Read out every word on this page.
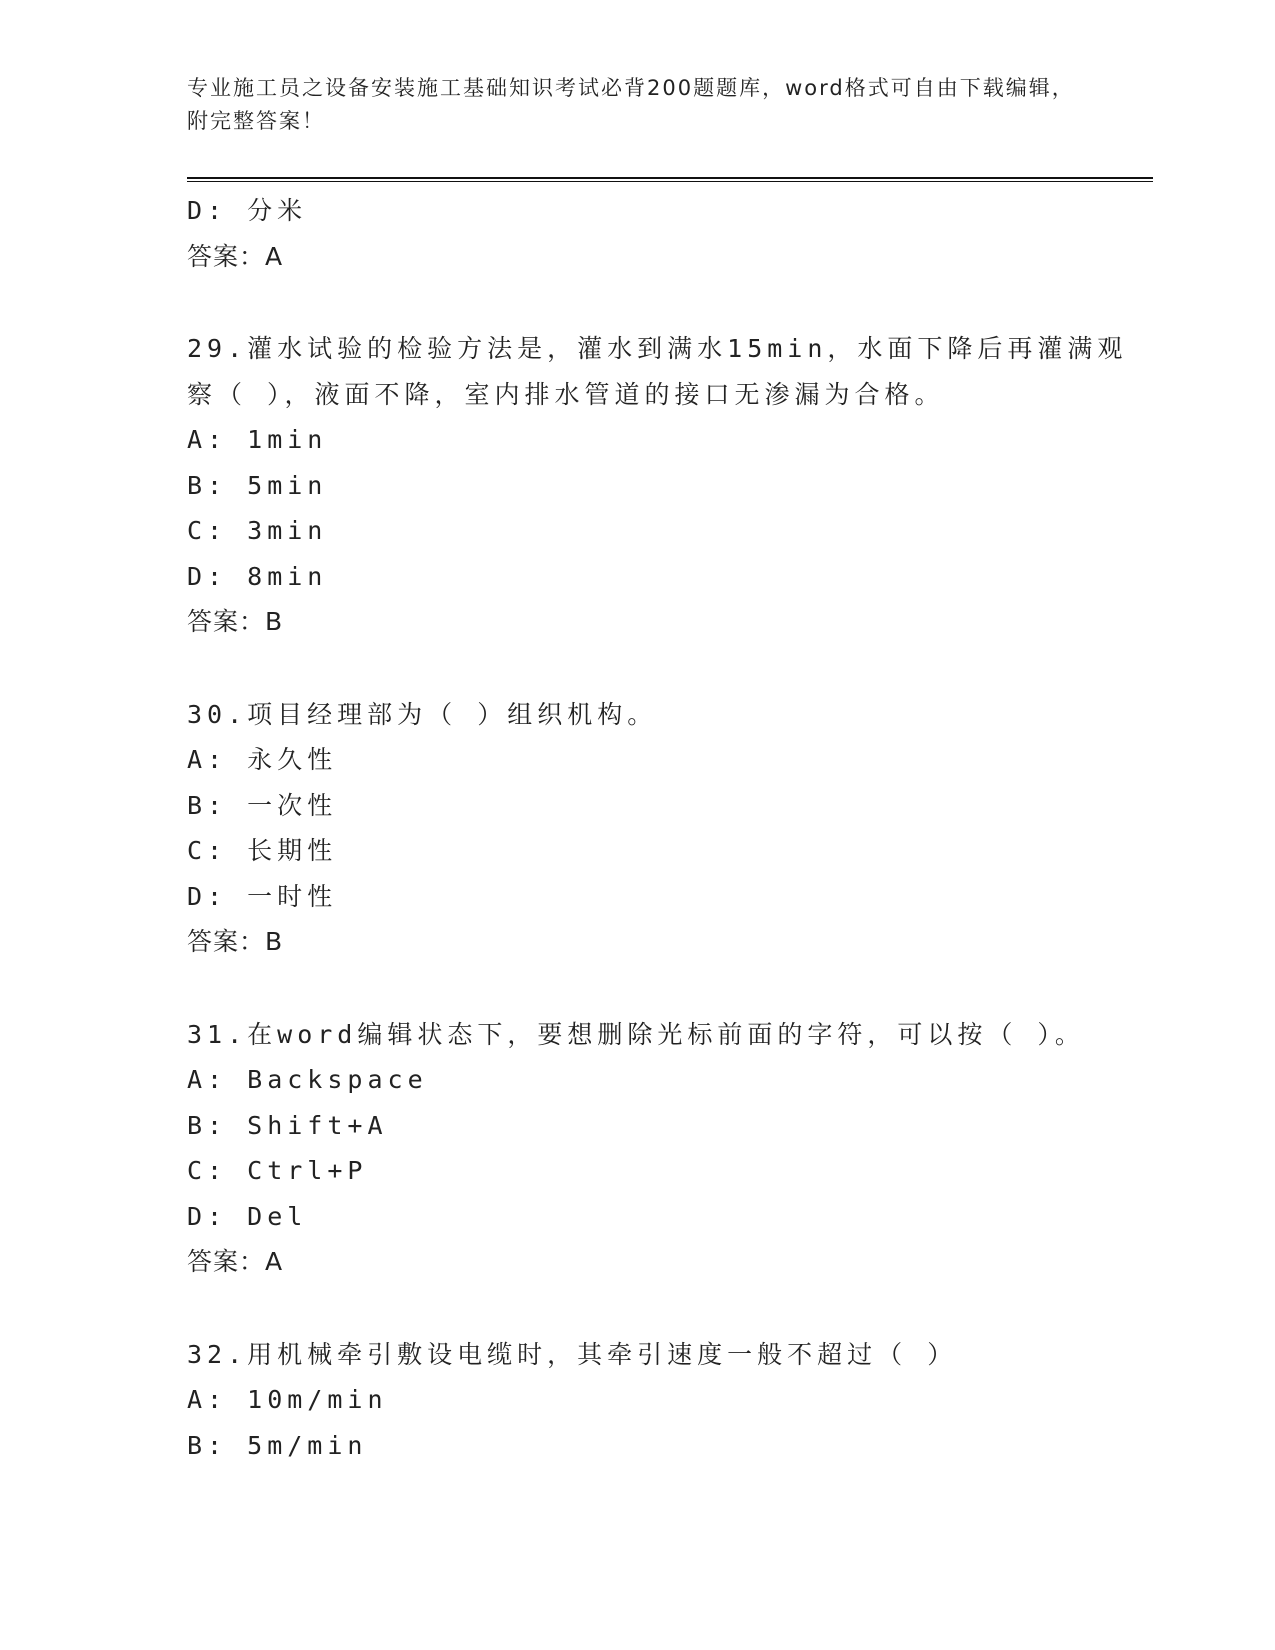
专业施工员之设备安装施工基础知识考试必背200题题库，word格式可自由下载编辑，附完整答案！
D: 分米
答案：A
29.灌水试验的检验方法是，灌水到满水15min，水面下降后再灌满观
察（ ），液面不降，室内排水管道的接口无渗漏为合格。
A: 1min
B: 5min
C: 3min
D: 8min
答案：B
30.项目经理部为（ ）组织机构。
A: 永久性
B: 一次性
C: 长期性
D: 一时性
答案：B
31.在word编辑状态下，要想删除光标前面的字符，可以按（ ）。
A: Backspace
B: Shift+A
C: Ctrl+P
D: Del
答案：A
32.用机械牵引敷设电缆时，其牵引速度一般不超过（ ）
A: 10m/min
B: 5m/min
